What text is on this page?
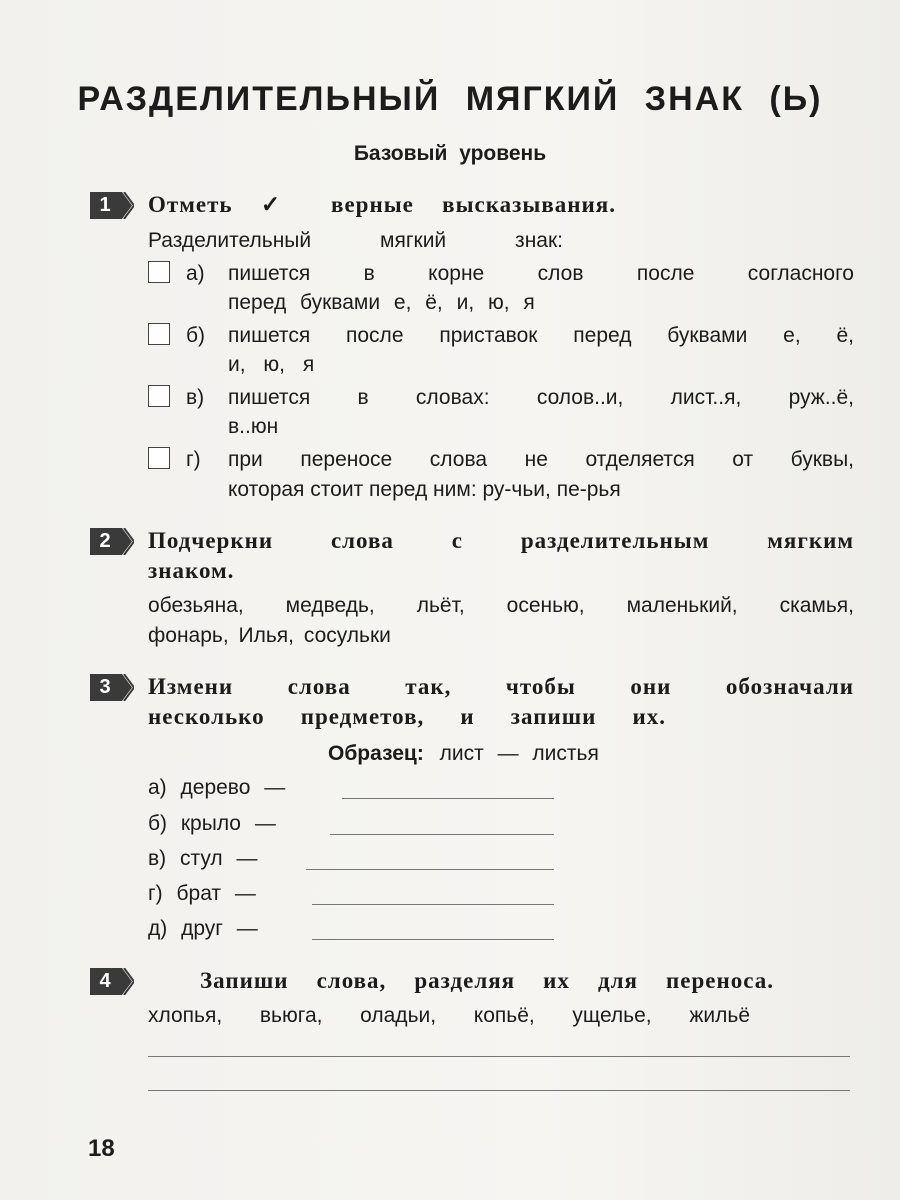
РАЗДЕЛИТЕЛЬНЫЙ МЯГКИЙ ЗНАК (Ь)
Базовый уровень
1	Отметь ✓ верные высказывания.
Разделительный мягкий знак:
а) пишется в корне слов после согласного
перед буквами е, ё, и, ю, я
б) пишется после приставок перед буквами е, ё,
и, ю, я
в) пишется в словах: солов..и, лист..я, руж..ё,
в..юн
г) при переносе слова не отделяется от буквы,
которая стоит перед ним: ру-чьи, пе-рья
2	Подчеркни слова с разделительным мягким
знаком.
обезьяна, медведь, льёт, осенью, маленький, скамья,
фонарь, Илья, сосульки
3	Измени слова так, чтобы они обозначали
несколько предметов, и запиши их.
Образец: лист — листья
а) дерево —
б) крыло —
в) стул —
г) брат —
д) друг —
4	Запиши слова, разделяя их для переноса.
хлопья, вьюга, оладьи, копьё, ущелье, жильё
18
